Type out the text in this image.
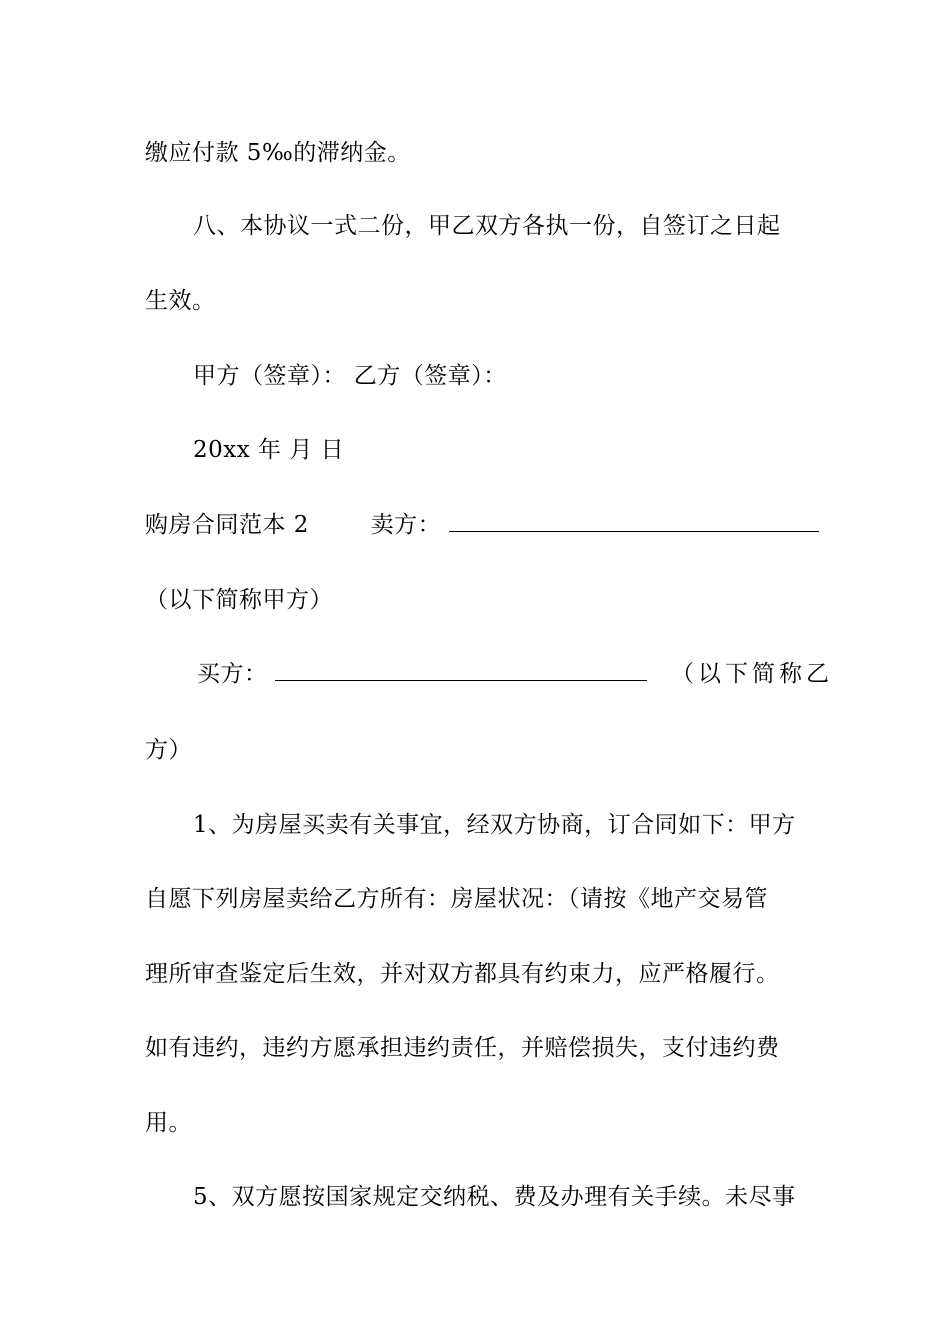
缴应付款 5‰的滞纳金。
八、本协议一式二份，甲乙双方各执一份，自签订之日起
生效。
甲方（签章）： 乙方（签章）：
20xx 年 月 日
购房合同范本 2	卖方：
（以下简称甲方）
买方：	（以下简称乙
方）
1、为房屋买卖有关事宜，经双方协商，订合同如下：甲方
自愿下列房屋卖给乙方所有：房屋状况：（请按《地产交易管
理所审查鉴定后生效，并对双方都具有约束力，应严格履行。
如有违约，违约方愿承担违约责任，并赔偿损失，支付违约费
用。
5、双方愿按国家规定交纳税、费及办理有关手续。未尽事
